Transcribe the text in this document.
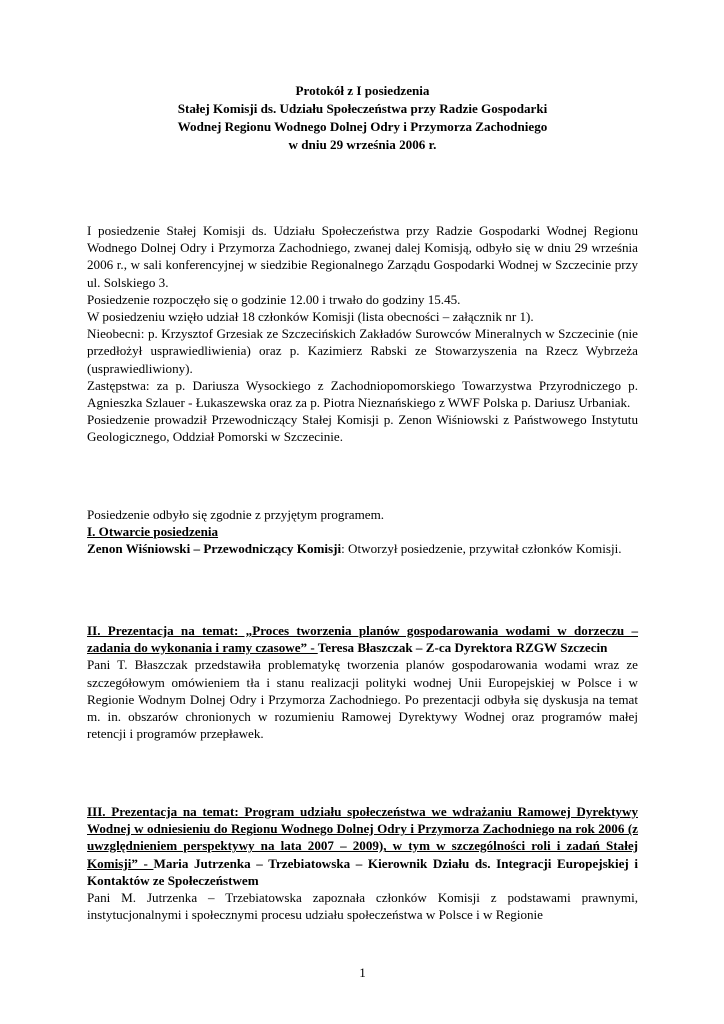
Protokół z I posiedzenia
Stałej Komisji ds. Udziału Społeczeństwa przy Radzie Gospodarki
Wodnej Regionu Wodnego Dolnej Odry i Przymorza Zachodniego
w dniu 29 września 2006 r.

I posiedzenie Stałej Komisji ds. Udziału Społeczeństwa przy Radzie Gospodarki Wodnej Regionu Wodnego Dolnej Odry i Przymorza Zachodniego, zwanej dalej Komisją, odbyło się w dniu 29 września 2006 r., w sali konferencyjnej w siedzibie Regionalnego Zarządu Gospodarki Wodnej w Szczecinie przy ul. Solskiego 3.

Posiedzenie rozpoczęło się o godzinie 12.00 i trwało do godziny 15.45.

W posiedzeniu wzięło udział 18 członków Komisji (lista obecności – załącznik nr 1).

Nieobecni: p. Krzysztof Grzesiak ze Szczecińskich Zakładów Surowców Mineralnych w Szczecinie (nie przedłożył usprawiedliwienia) oraz p. Kazimierz Rabski ze Stowarzyszenia na Rzecz Wybrzeża (usprawiedliwiony).

Zastępstwa: za p. Dariusza Wysockiego z Zachodniopomorskiego Towarzystwa Przyrodniczego p. Agnieszka Szlauer - Łukaszewska oraz za p. Piotra Nieznańskiego z WWF Polska p. Dariusz Urbaniak.

Posiedzenie prowadził Przewodniczący Stałej Komisji p. Zenon Wiśniowski z Państwowego Instytutu Geologicznego, Oddział Pomorski w Szczecinie.

Posiedzenie odbyło się zgodnie z przyjętym programem.

I. Otwarcie posiedzenia

Zenon Wiśniowski – Przewodniczący Komisji: Otworzył posiedzenie, przywitał członków Komisji.

II. Prezentacja na temat: „Proces tworzenia planów gospodarowania wodami w dorzeczu – zadania do wykonania i ramy czasowe” - Teresa Błaszczak – Z-ca Dyrektora RZGW Szczecin

Pani T. Błaszczak przedstawiła problematykę tworzenia planów gospodarowania wodami wraz ze szczegółowym omówieniem tła i stanu realizacji polityki wodnej Unii Europejskiej w Polsce i w Regionie Wodnym Dolnej Odry i Przymorza Zachodniego. Po prezentacji odbyła się dyskusja na temat m. in. obszarów chronionych w rozumieniu Ramowej Dyrektywy Wodnej oraz programów małej retencji i programów przepławek.

III. Prezentacja na temat: Program udziału społeczeństwa we wdrażaniu Ramowej Dyrektywy Wodnej w odniesieniu do Regionu Wodnego Dolnej Odry i Przymorza Zachodniego na rok 2006 (z uwzględnieniem perspektywy na lata 2007 – 2009), w tym w szczególności roli i zadań Stałej Komisji” - Maria Jutrzenka – Trzebiatowska – Kierownik Działu ds. Integracji Europejskiej i Kontaktów ze Społeczeństwem

Pani M. Jutrzenka – Trzebiatowska zapoznała członków Komisji z podstawami prawnymi, instytucjonalnymi i społecznymi procesu udziału społeczeństwa w Polsce i w Regionie

1
